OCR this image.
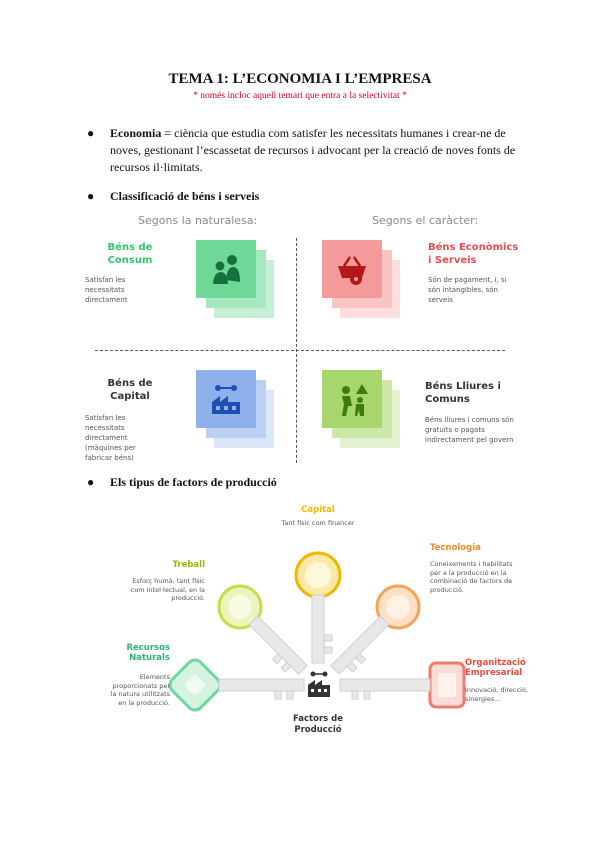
TEMA 1: L’ECONOMIA I L’EMPRESA
* només incloc aquell temari que entra a la selectivitat *
● Economia = ciència que estudia com satisfer les necessitats humanes i crear-ne de noves, gestionant l’escassetat de recursos i advocant per la creació de noves fonts de recursos il·limitats.
● Classificació de béns i serveis
Segons la naturalesa:	Segons el caràcter:
Béns de Consum
Satisfan les necessitats directament
Béns Econòmics i Serveis
Són de pagament, i, si són intangibles, són serveis
Béns de Capital
Satisfan les necessitats directament (màquines per fabricar béns)
Béns Lliures i Comuns
Béns lliures i comuns són gratuïts o pagats indirectament pel govern
● Els tipus de factors de producció
Capital
Tant físic com financer
Treball
Esforç humà, tant físic com intel·lectual, en la producció.
Tecnologia
Coneixements i habilitats per a la producció en la combinació de factors de producció.
Recursos Naturals
Elements proporcionats per la natura utilitzats en la producció.
Organització Empresarial
Innovació, direcció, sinergies...
Factors de Producció
